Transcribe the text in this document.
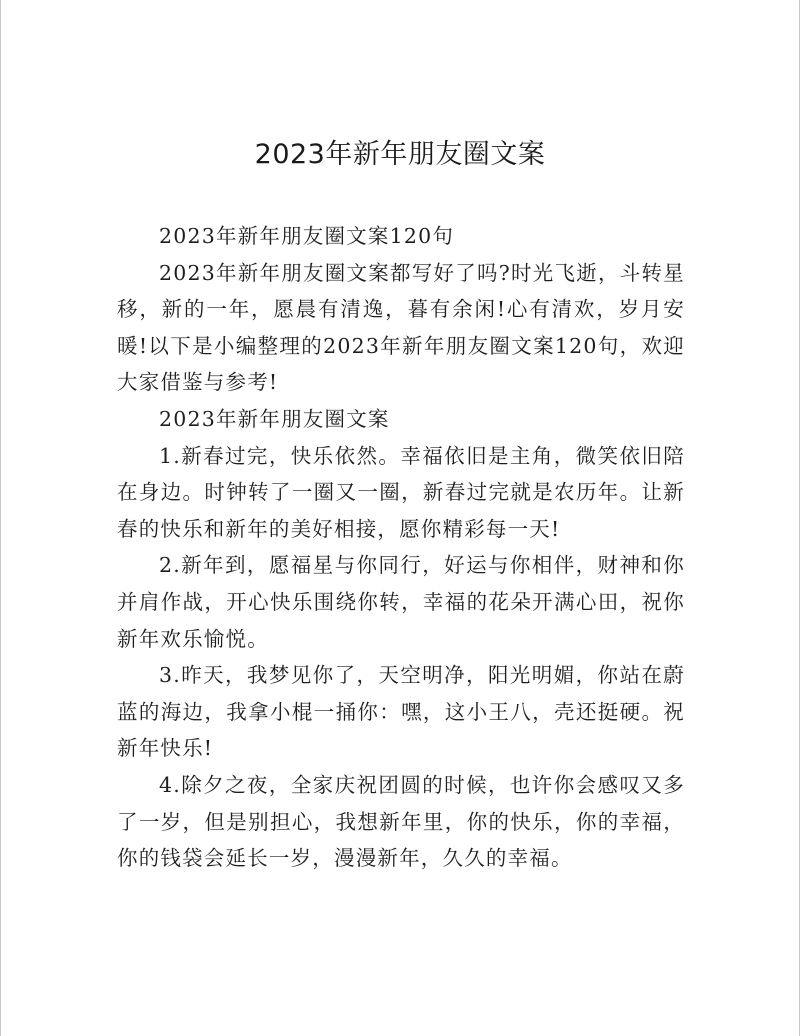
2023年新年朋友圈文案

2023年新年朋友圈文案120句

2023年新年朋友圈文案都写好了吗?时光飞逝，斗转星移，新的一年，愿晨有清逸，暮有余闲!心有清欢，岁月安暖!以下是小编整理的2023年新年朋友圈文案120句，欢迎大家借鉴与参考!

2023年新年朋友圈文案

1.新春过完，快乐依然。幸福依旧是主角，微笑依旧陪在身边。时钟转了一圈又一圈，新春过完就是农历年。让新春的快乐和新年的美好相接，愿你精彩每一天!

2.新年到，愿福星与你同行，好运与你相伴，财神和你并肩作战，开心快乐围绕你转，幸福的花朵开满心田，祝你新年欢乐愉悦。

3.昨天，我梦见你了，天空明净，阳光明媚，你站在蔚蓝的海边，我拿小棍一捅你：嘿，这小王八，壳还挺硬。祝新年快乐!

4.除夕之夜，全家庆祝团圆的时候，也许你会感叹又多了一岁，但是别担心，我想新年里，你的快乐，你的幸福，你的钱袋会延长一岁，漫漫新年，久久的幸福。
